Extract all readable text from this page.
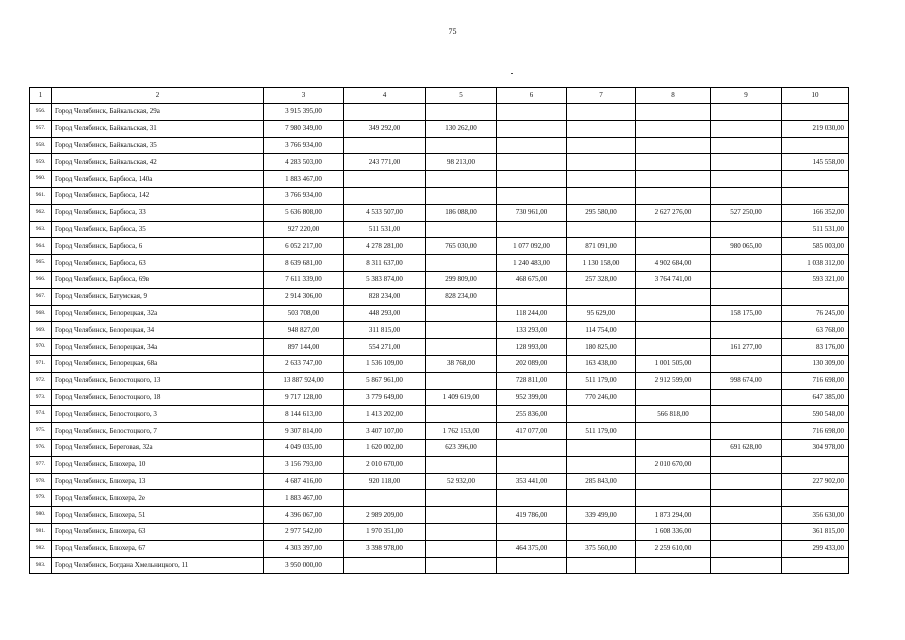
75
1	2	3	4	5	6	7	8	9	10
956.	Город Челябинск, Байкальская, 29а	3 915 395,00							
957.	Город Челябинск, Байкальская, 31	7 980 349,00	349 292,00	130 262,00					219 030,00
958.	Город Челябинск, Байкальская, 35	3 766 934,00							
959.	Город Челябинск, Байкальская, 42	4 283 503,00	243 771,00	98 213,00					145 558,00
960.	Город Челябинск, Барбюса, 140а	1 883 467,00							
961.	Город Челябинск, Барбюса, 142	3 766 934,00							
962.	Город Челябинск, Барбюса, 33	5 636 808,00	4 533 507,00	186 088,00	730 961,00	295 580,00	2 627 276,00	527 250,00	166 352,00
963.	Город Челябинск, Барбюса, 35	927 220,00	511 531,00						511 531,00
964.	Город Челябинск, Барбюса, 6	6 052 217,00	4 278 281,00	765 030,00	1 077 092,00	871 091,00		980 065,00	585 003,00
965.	Город Челябинск, Барбюса, 63	8 639 681,00	8 311 637,00		1 240 483,00	1 130 158,00	4 902 684,00		1 038 312,00
966.	Город Челябинск, Барбюса, 69в	7 611 339,00	5 383 874,00	299 809,00	468 675,00	257 328,00	3 764 741,00		593 321,00
967.	Город Челябинск, Батумская, 9	2 914 306,00	828 234,00	828 234,00					
968.	Город Челябинск, Белорецкая, 32а	503 708,00	448 293,00		118 244,00	95 629,00		158 175,00	76 245,00
969.	Город Челябинск, Белорецкая, 34	948 827,00	311 815,00		133 293,00	114 754,00			63 768,00
970.	Город Челябинск, Белорецкая, 34а	897 144,00	554 271,00		128 993,00	180 825,00		161 277,00	83 176,00
971.	Город Челябинск, Белорецкая, 68а	2 633 747,00	1 536 109,00	38 768,00	202 089,00	163 438,00	1 001 505,00		130 309,00
972.	Город Челябинск, Белостоцкого, 13	13 887 924,00	5 867 961,00		728 811,00	511 179,00	2 912 599,00	998 674,00	716 698,00
973.	Город Челябинск, Белостоцкого, 18	9 717 128,00	3 779 649,00	1 409 619,00	952 399,00	770 246,00			647 385,00
974.	Город Челябинск, Белостоцкого, 3	8 144 613,00	1 413 202,00		255 836,00		566 818,00		590 548,00
975.	Город Челябинск, Белостоцкого, 7	9 307 814,00	3 407 107,00	1 762 153,00	417 077,00	511 179,00			716 698,00
976.	Город Челябинск, Береговая, 32а	4 049 035,00	1 620 002,00	623 396,00				691 628,00	304 978,00
977.	Город Челябинск, Блюхера, 10	3 156 793,00	2 010 670,00				2 010 670,00		
978.	Город Челябинск, Блюхера, 13	4 687 416,00	920 118,00	52 932,00	353 441,00	285 843,00			227 902,00
979.	Город Челябинск, Блюхера, 2е	1 883 467,00							
980.	Город Челябинск, Блюхера, 51	4 396 067,00	2 989 209,00		419 786,00	339 499,00	1 873 294,00		356 630,00
981.	Город Челябинск, Блюхера, 63	2 977 542,00	1 970 351,00				1 608 336,00		361 815,00
982.	Город Челябинск, Блюхера, 67	4 303 397,00	3 398 978,00		464 375,00	375 560,00	2 259 610,00		299 433,00
983.	Город Челябинск, Богдана Хмельницкого, 11	3 950 000,00							
